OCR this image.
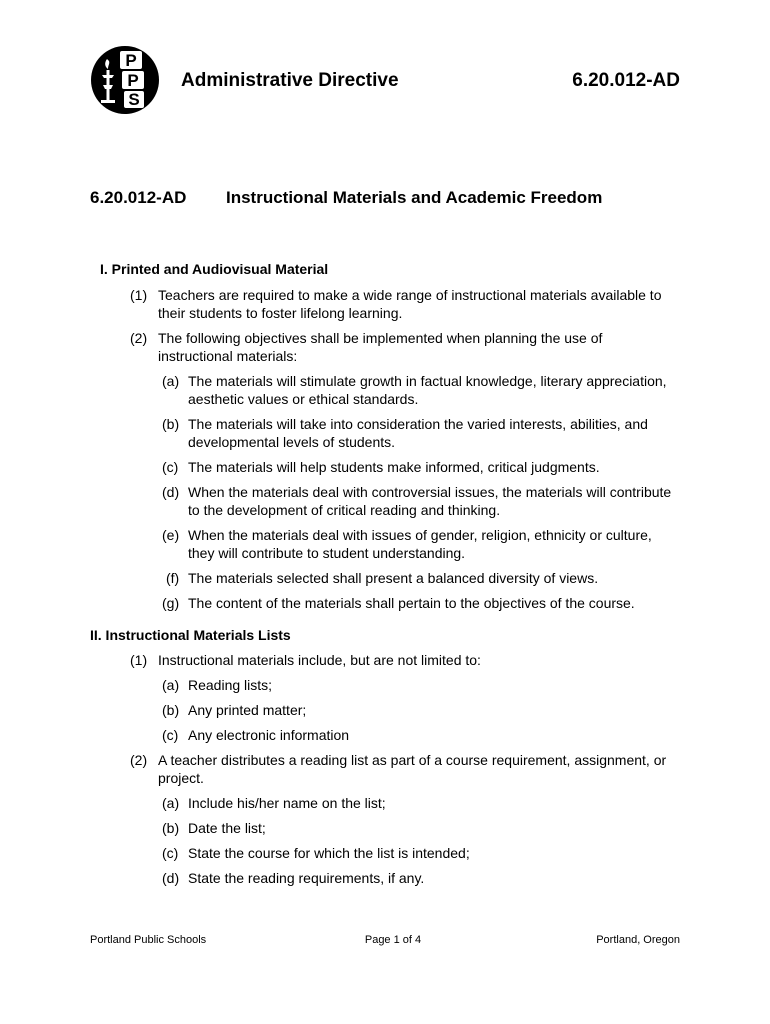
P
P
S
Administrative Directive	6.20.012-AD
6.20.012-AD Instructional Materials and Academic Freedom
I. Printed and Audiovisual Material
(1) Teachers are required to make a wide range of instructional materials available to their students to foster lifelong learning.
(2) The following objectives shall be implemented when planning the use of instructional materials:
(a) The materials will stimulate growth in factual knowledge, literary appreciation, aesthetic values or ethical standards.
(b) The materials will take into consideration the varied interests, abilities, and developmental levels of students.
(c) The materials will help students make informed, critical judgments.
(d) When the materials deal with controversial issues, the materials will contribute to the development of critical reading and thinking.
(e) When the materials deal with issues of gender, religion, ethnicity or culture, they will contribute to student understanding.
(f) The materials selected shall present a balanced diversity of views.
(g) The content of the materials shall pertain to the objectives of the course.
II. Instructional Materials Lists
(1) Instructional materials include, but are not limited to:
(a) Reading lists;
(b) Any printed matter;
(c) Any electronic information
(2) A teacher distributes a reading list as part of a course requirement, assignment, or project.
(a) Include his/her name on the list;
(b) Date the list;
(c) State the course for which the list is intended;
(d) State the reading requirements, if any.
Portland Public Schools	Page 1 of 4	Portland, Oregon
